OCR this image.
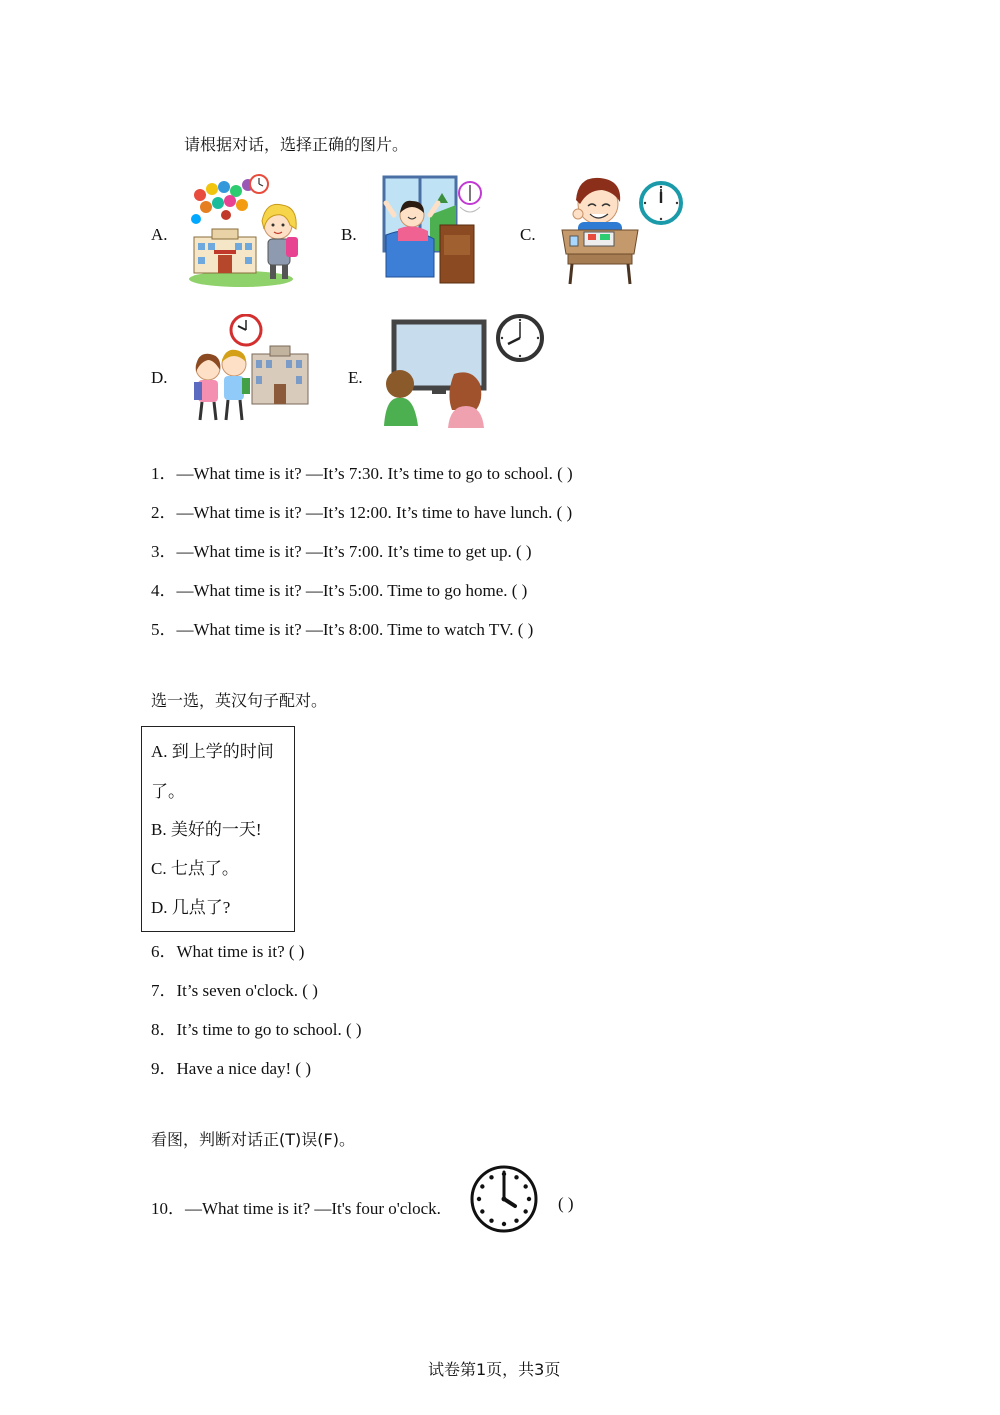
请根据对话，选择正确的图片。
A.	B.	C.
D.	E.
1．—What time is it? —It’s 7:30. It’s time to go to school. ( )
2．—What time is it? —It’s 12:00. It’s time to have lunch. ( )
3．—What time is it? —It’s 7:00. It’s time to get up. ( )
4．—What time is it? —It’s 5:00. Time to go home. ( )
5．—What time is it? —It’s 8:00. Time to watch TV. ( )
选一选，英汉句子配对。
A. 到上学的时间
了。
B. 美好的一天!
C. 七点了。
D. 几点了?
6．What time is it? ( )
7．It’s seven o'clock. ( )
8．It’s time to go to school. ( )
9．Have a nice day! ( )
看图，判断对话正(T)误(F)。
10．—What time is it? —It's four o'clock.	( )
试卷第1页，共3页
